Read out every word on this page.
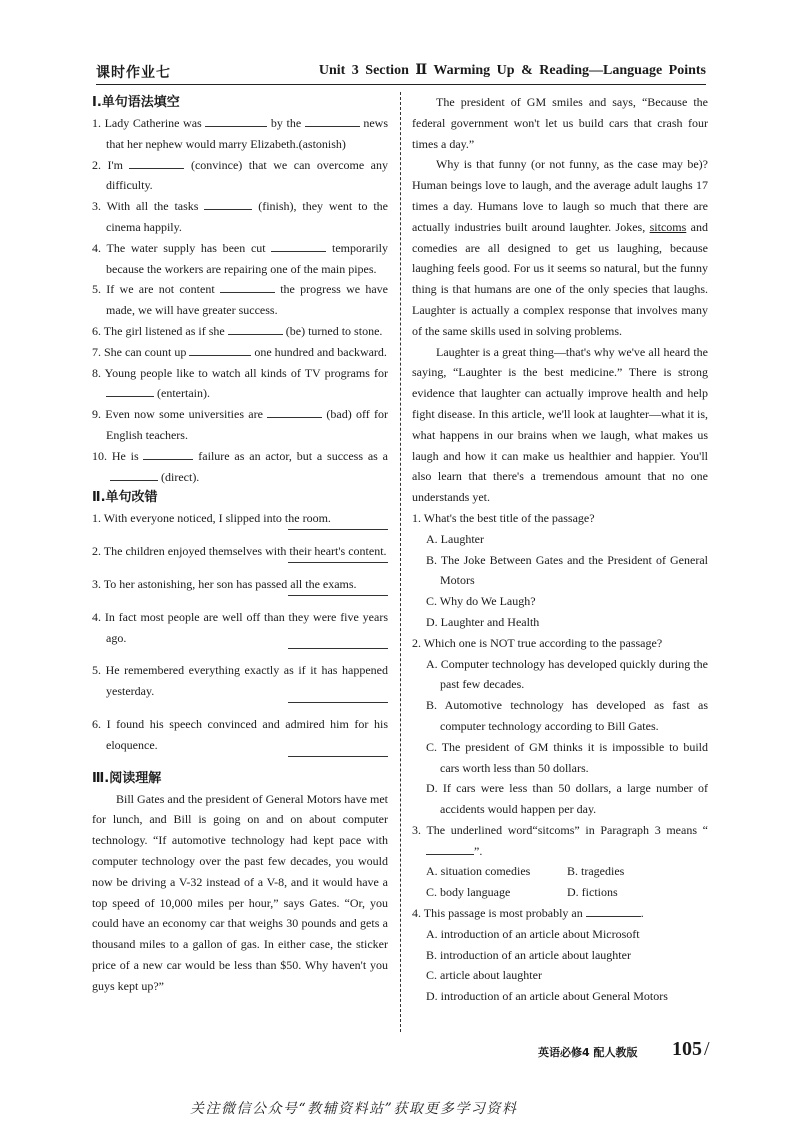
课时作业七	Unit 3 Section Ⅱ Warming Up & Reading—Language Points

Ⅰ.单句语法填空

1. Lady Catherine was	by the	news that her nephew would marry Elizabeth.(astonish)

2. I'm	(convince) that we can overcome any difficulty.

3. With all the tasks	(finish), they went to the cinema happily.

4. The water supply has been cut	temporarily because the workers are repairing one of the main pipes.

5. If we are not content	the progress we have made, we will have greater success.

6. The girl listened as if she	(be) turned to stone.

7. She can count up	one hundred and backward.

8. Young people like to watch all kinds of TV programs for  (entertain).

9. Even now some universities are	(bad) off for English teachers.

10. He is	failure as an actor, but a success as a  (direct).

Ⅱ.单句改错

1. With everyone noticed, I slipped into the room.

2. The children enjoyed themselves with their heart's content.

3. To her astonishing, her son has passed all the exams.

4. In fact most people are well off than they were five years ago.

5. He remembered everything exactly as if it has happened yesterday.

6. I found his speech convinced and admired him for his eloquence.

Ⅲ.阅读理解

Bill Gates and the president of General Motors have met for lunch, and Bill is going on and on about computer technology. “If automotive technology had kept pace with computer technology over the past few decades, you would now be driving a V-32 instead of a V-8, and it would have a top speed of 10,000 miles per hour,” says Gates. “Or, you could have an economy car that weighs 30 pounds and gets a thousand miles to a gallon of gas. In either case, the sticker price of a new car would be less than $50. Why haven't you guys kept up?”

The president of GM smiles and says, “Because the federal government won't let us build cars that crash four times a day.”

Why is that funny (or not funny, as the case may be)? Human beings love to laugh, and the average adult laughs 17 times a day. Humans love to laugh so much that there are actually industries built around laughter. Jokes, sitcoms and comedies are all designed to get us laughing, because laughing feels good. For us it seems so natural, but the funny thing is that humans are one of the only species that laughs. Laughter is actually a complex response that involves many of the same skills used in solving problems.

Laughter is a great thing—that's why we've all heard the saying, “Laughter is the best medicine.” There is strong evidence that laughter can actually improve health and help fight disease. In this article, we'll look at laughter—what it is, what happens in our brains when we laugh, what makes us laugh and how it can make us healthier and happier. You'll also learn that there's a tremendous amount that no one understands yet.

1. What's the best title of the passage?

A. Laughter

B. The Joke Between Gates and the President of General Motors

C. Why do We Laugh?

D. Laughter and Health

2. Which one is NOT true according to the passage?

A. Computer technology has developed quickly during the past few decades.

B. Automotive technology has developed as fast as computer technology according to Bill Gates.

C. The president of GM thinks it is impossible to build cars worth less than 50 dollars.

D. If cars were less than 50 dollars, a large number of accidents would happen per day.

3. The underlined word“sitcoms” in Paragraph 3 means “”.

A. situation comedies	B. tragedies
C. body language	D. fictions

4. This passage is most probably an	.

A. introduction of an article about Microsoft

B. introduction of an article about laughter

C. article about laughter

D. introduction of an article about General Motors

英语必修4 配人教版 105 /
关注微信公众号“教辅资料站”获取更多学习资料
